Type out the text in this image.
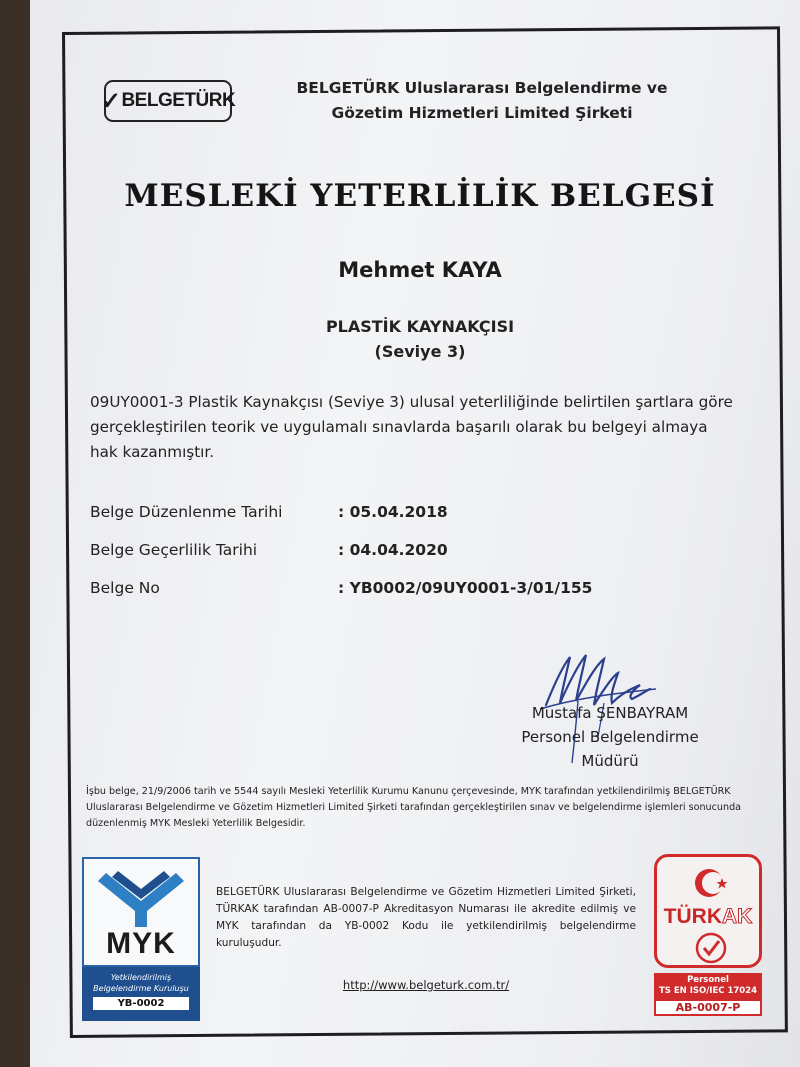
✓ BELGETÜRK
BELGETÜRK Uluslararası Belgelendirme ve
Gözetim Hizmetleri Limited Şirketi
MESLEKİ YETERLİLİK BELGESİ
Mehmet KAYA
PLASTİK KAYNAKÇISI
(Seviye 3)
09UY0001-3 Plastik Kaynakçısı (Seviye 3) ulusal yeterliliğinde belirtilen şartlara göre gerçekleştirilen teorik ve uygulamalı sınavlarda başarılı olarak bu belgeyi almaya hak kazanmıştır.
Belge Düzenlenme Tarihi	: 05.04.2018
Belge Geçerlilik Tarihi	: 04.04.2020
Belge No	: YB0002/09UY0001-3/01/155
Mustafa ŞENBAYRAM
Personel Belgelendirme
Müdürü
İşbu belge, 21/9/2006 tarih ve 5544 sayılı Mesleki Yeterlilik Kurumu Kanunu çerçevesinde, MYK tarafından yetkilendirilmiş BELGETÜRK Uluslararası Belgelendirme ve Gözetim Hizmetleri Limited Şirketi tarafından gerçekleştirilen sınav ve belgelendirme işlemleri sonucunda düzenlenmiş MYK Mesleki Yeterlilik Belgesidir.
MYK
Yetkilendirilmiş
Belgelendirme Kuruluşu
YB-0002
BELGETÜRK Uluslararası Belgelendirme ve Gözetim Hizmetleri Limited Şirketi, TÜRKAK tarafından AB-0007-P Akreditasyon Numarası ile akredite edilmiş ve MYK tarafından da YB-0002 Kodu ile yetkilendirilmiş belgelendirme kuruluşudur.
http://www.belgeturk.com.tr/
TÜRKAK
Personel
TS EN ISO/IEC 17024
AB-0007-P
